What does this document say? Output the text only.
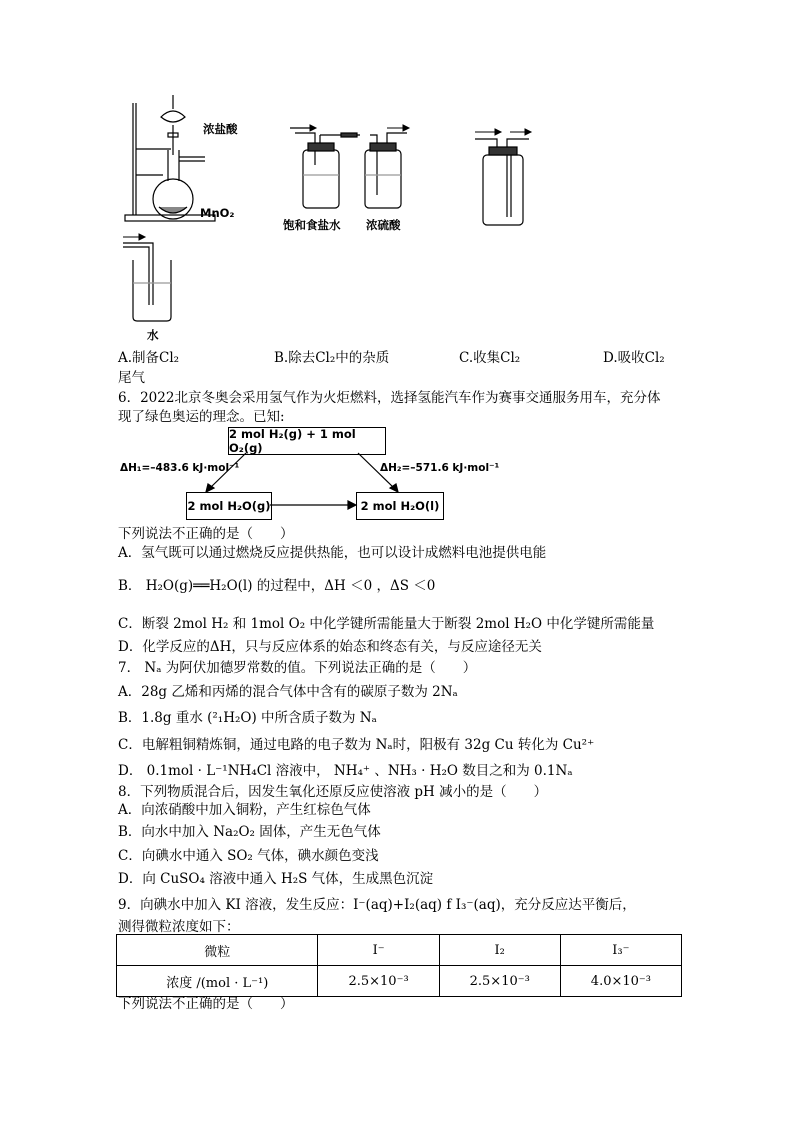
浓盐酸
MnO₂
饱和食盐水 浓硫酸
水
A.制备Cl₂	B.除去Cl₂中的杂质	C.收集Cl₂	D.吸收Cl₂
尾气
6．2022北京冬奥会采用氢气作为火炬燃料，选择氢能汽车作为赛事交通服务用车，充分体
现了绿色奥运的理念。已知:
2 mol H₂(g) + 1 mol O₂(g)
2 mol H₂O(g)	2 mol H₂O(l)
ΔH₁=–483.6 kJ·mol⁻¹	ΔH₂=–571.6 kJ·mol⁻¹
下列说法不正确的是（　　）
A．氢气既可以通过燃烧反应提供热能，也可以设计成燃料电池提供电能
B． H₂O(g)══H₂O(l) 的过程中，ΔH ＜0 ，ΔS ＜0
C．断裂 2mol H₂ 和 1mol O₂ 中化学键所需能量大于断裂 2mol H₂O 中化学键所需能量
D．化学反应的ΔH，只与反应体系的始态和终态有关，与反应途径无关
7． Nₐ 为阿伏加德罗常数的值。下列说法正确的是（　　）
A．28g 乙烯和丙烯的混合气体中含有的碳原子数为 2Nₐ
B．1.8g 重水 (²₁H₂O) 中所含质子数为 Nₐ
C．电解粗铜精炼铜，通过电路的电子数为 Nₐ时，阳极有 32g Cu 转化为 Cu²⁺
D． 0.1mol · L⁻¹NH₄Cl 溶液中， NH₄⁺ 、NH₃ · H₂O 数目之和为 0.1Nₐ
8．下列物质混合后，因发生氧化还原反应使溶液 pH 减小的是（　　）
A．向浓硝酸中加入铜粉，产生红棕色气体
B．向水中加入 Na₂O₂ 固体，产生无色气体
C．向碘水中通入 SO₂ 气体，碘水颜色变浅
D．向 CuSO₄ 溶液中通入 H₂S 气体，生成黑色沉淀
9．向碘水中加入 KI 溶液，发生反应：I⁻(aq)+I₂(aq) f I₃⁻(aq)，充分反应达平衡后，
测得微粒浓度如下：
微粒	I⁻	I₂	I₃⁻
浓度 /(mol · L⁻¹)	2.5×10⁻³	2.5×10⁻³	4.0×10⁻³
下列说法不正确的是（　　）
